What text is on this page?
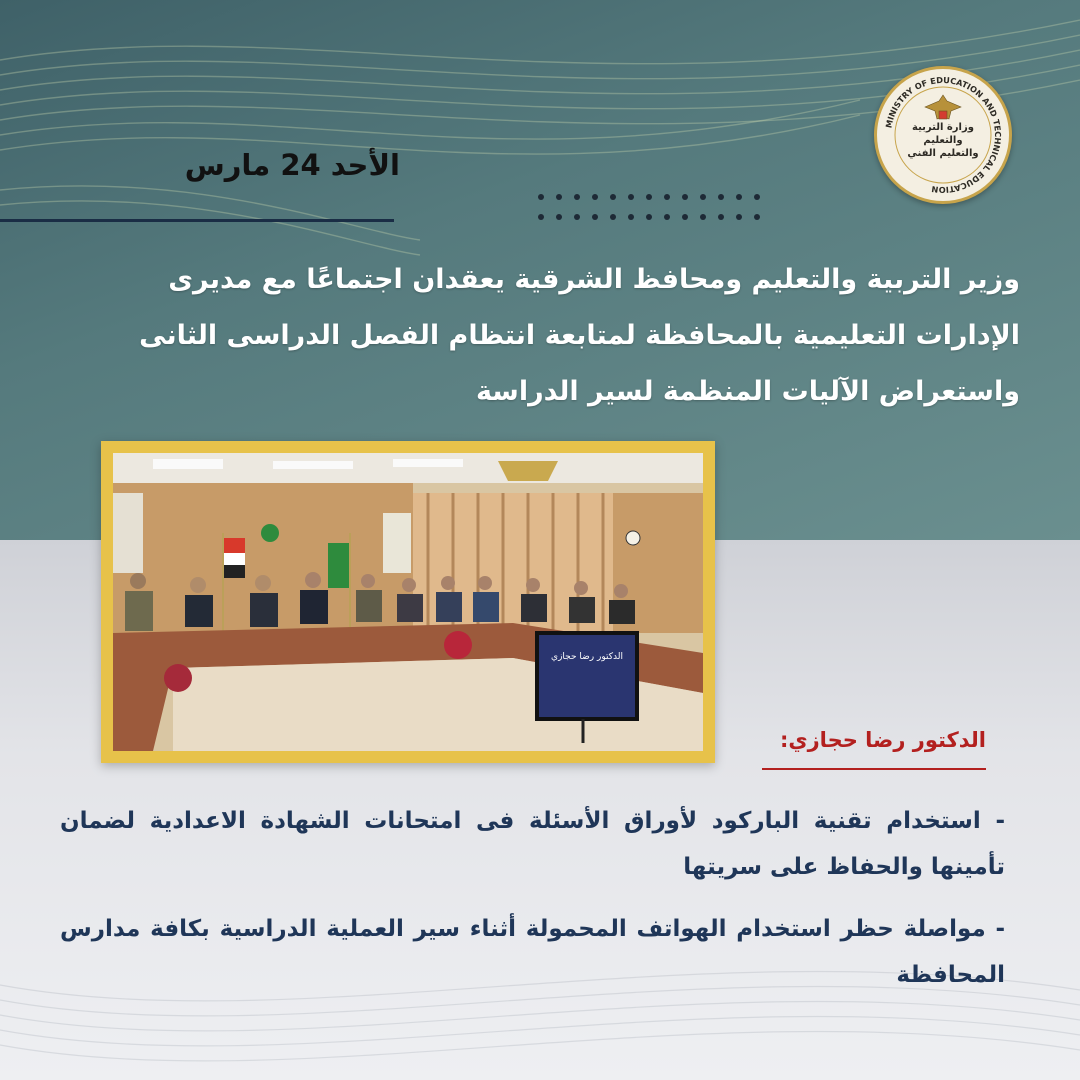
MINISTRY OF EDUCATION AND TECHNICAL EDUCATION
وزارة التربية والتعليم والتعليم الفني
الأحد 24 مارس
وزير التربية والتعليم ومحافظ الشرقية يعقدان اجتماعًا مع مديرى الإدارات التعليمية بالمحافظة لمتابعة انتظام الفصل الدراسى الثانى واستعراض الآليات المنظمة لسير الدراسة
الدكتور رضا حجازي
الدكتور رضا حجازي:
- استخدام تقنية الباركود لأوراق الأسئلة فى امتحانات الشهادة الاعدادية لضمان تأمينها والحفاظ على سريتها
- مواصلة حظر استخدام الهواتف المحمولة أثناء سير العملية الدراسية بكافة مدارس المحافظة
